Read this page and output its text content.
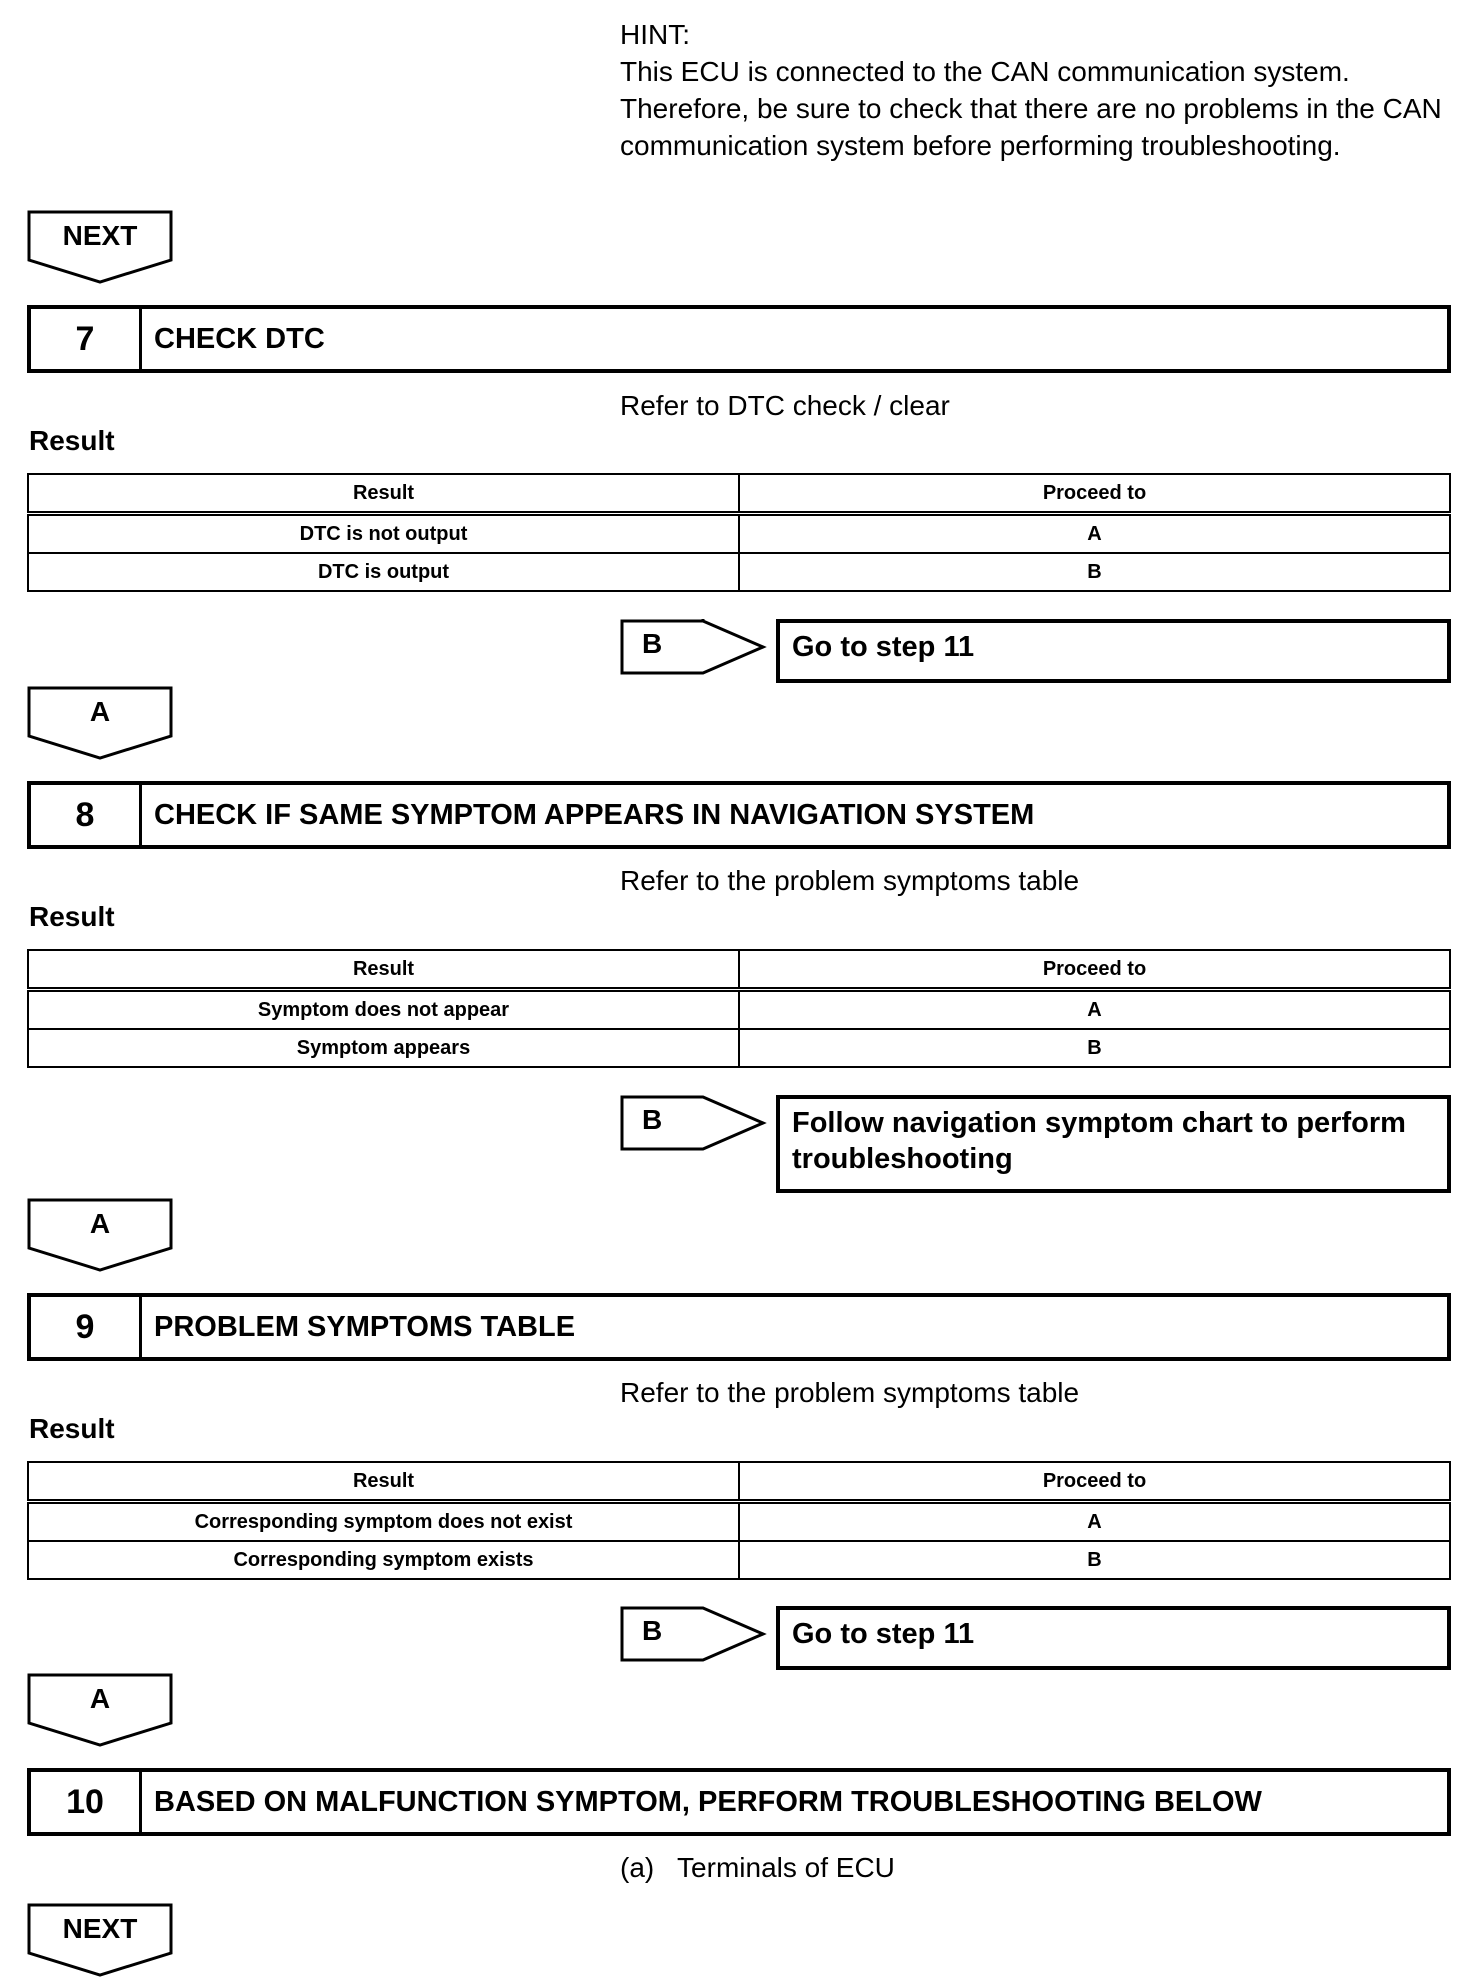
HINT:

This ECU is connected to the CAN communication system. Therefore, be sure to check that there are no problems in the CAN communication system before performing troubleshooting.

NEXT
7	CHECK DTC
Refer to DTC check / clear
Result
Result	Proceed to
DTC is not output	A
DTC is output	B
B	Go to step 11
A
8	CHECK IF SAME SYMPTOM APPEARS IN NAVIGATION SYSTEM
Refer to the problem symptoms table
Result
Result	Proceed to
Symptom does not appear	A
Symptom appears	B
B	Follow navigation symptom chart to perform troubleshooting
A
9	PROBLEM SYMPTOMS TABLE
Refer to the problem symptoms table
Result
Result	Proceed to
Corresponding symptom does not exist	A
Corresponding symptom exists	B
B	Go to step 11
A
10	BASED ON MALFUNCTION SYMPTOM, PERFORM TROUBLESHOOTING BELOW
(a)   Terminals of ECU
NEXT
